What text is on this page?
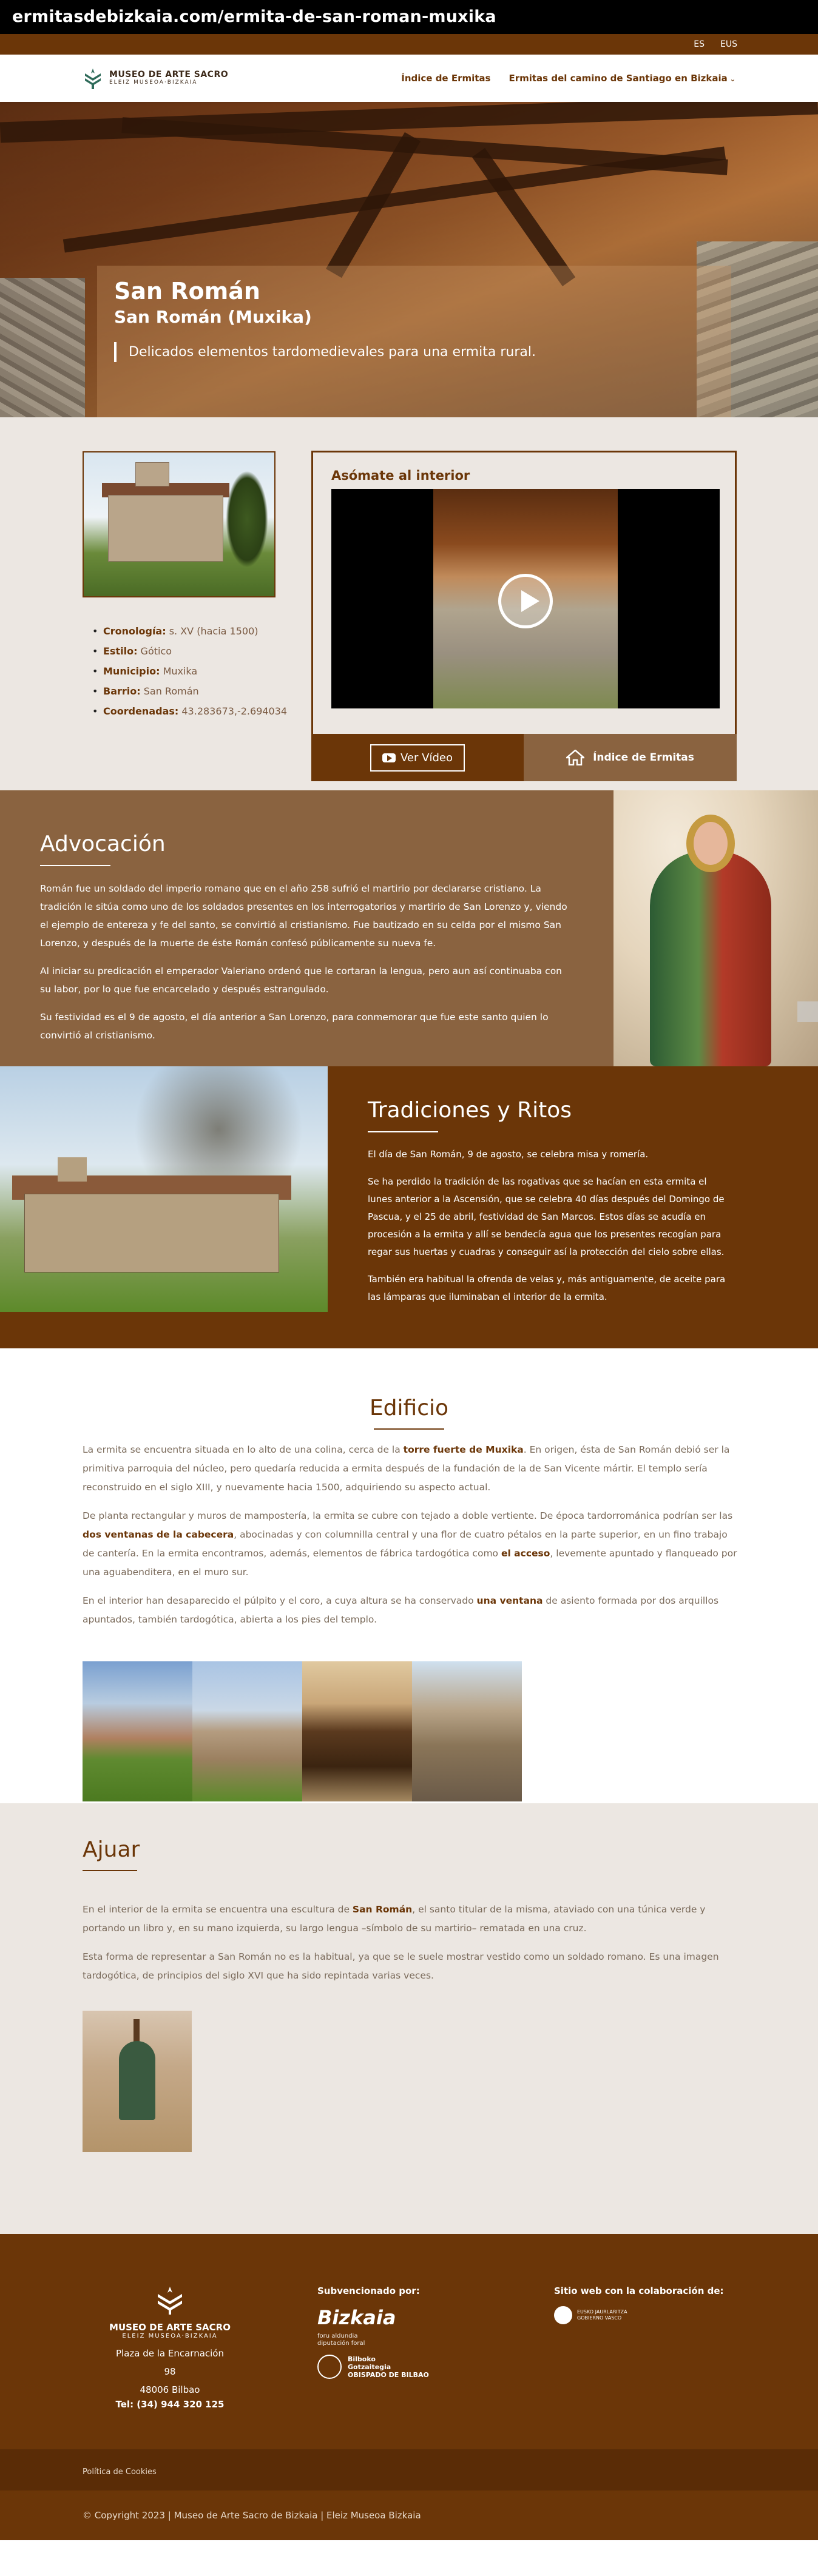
ermitasdebizkaia.com/ermita-de-san-roman-muxika
ES EUS
MUSEO DE ARTE SACRO
ELEIZ MUSEOA·BIZKAIA	Índice de Ermitas Ermitas del camino de Santiago en Bizkaia ⌄
San Román
San Román (Muxika)
Delicados elementos tardomedievales para una ermita rural.
• Cronología: s. XV (hacia 1500)
• Estilo: Gótico
• Municipio: Muxika
• Barrio: San Román
• Coordenadas: 43.283673,-2.694034
Asómate al interior
Ver Vídeo	Índice de Ermitas
Advocación

Román fue un soldado del imperio romano que en el año 258 sufrió el martirio por declararse cristiano. La tradición le sitúa como uno de los soldados presentes en los interrogatorios y martirio de San Lorenzo y, viendo el ejemplo de entereza y fe del santo, se convirtió al cristianismo. Fue bautizado en su celda por el mismo San Lorenzo, y después de la muerte de éste Román confesó públicamente su nueva fe.

Al iniciar su predicación el emperador Valeriano ordenó que le cortaran la lengua, pero aun así continuaba con su labor, por lo que fue encarcelado y después estrangulado.

Su festividad es el 9 de agosto, el día anterior a San Lorenzo, para conmemorar que fue este santo quien lo convirtió al cristianismo.

Tradiciones y Ritos

El día de San Román, 9 de agosto, se celebra misa y romería.

Se ha perdido la tradición de las rogativas que se hacían en esta ermita el lunes anterior a la Ascensión, que se celebra 40 días después del Domingo de Pascua, y el 25 de abril, festividad de San Marcos. Estos días se acudía en procesión a la ermita y allí se bendecía agua que los presentes recogían para regar sus huertas y cuadras y conseguir así la protección del cielo sobre ellas.

También era habitual la ofrenda de velas y, más antiguamente, de aceite para las lámparas que iluminaban el interior de la ermita.

Edificio

La ermita se encuentra situada en lo alto de una colina, cerca de la torre fuerte de Muxika. En origen, ésta de San Román debió ser la primitiva parroquia del núcleo, pero quedaría reducida a ermita después de la fundación de la de San Vicente mártir. El templo sería reconstruido en el siglo XIII, y nuevamente hacia 1500, adquiriendo su aspecto actual.

De planta rectangular y muros de mampostería, la ermita se cubre con tejado a doble vertiente. De época tardorrománica podrían ser las dos ventanas de la cabecera, abocinadas y con columnilla central y una flor de cuatro pétalos en la parte superior, en un fino trabajo de cantería. En la ermita encontramos, además, elementos de fábrica tardogótica como el acceso, levemente apuntado y flanqueado por una aguabenditera, en el muro sur.

En el interior han desaparecido el púlpito y el coro, a cuya altura se ha conservado una ventana de asiento formada por dos arquillos apuntados, también tardogótica, abierta a los pies del templo.

Ajuar

En el interior de la ermita se encuentra una escultura de San Román, el santo titular de la misma, ataviado con una túnica verde y portando un libro y, en su mano izquierda, su largo lengua –símbolo de su martirio– rematada en una cruz.

Esta forma de representar a San Román no es la habitual, ya que se le suele mostrar vestido como un soldado romano. Es una imagen tardogótica, de principios del siglo XVI que ha sido repintada varias veces.

MUSEO DE ARTE SACRO
ELEIZ MUSEOA·BIZKAIA
Plaza de la Encarnación 98
48006 Bilbao
Tel: (34) 944 320 125
Subvencionado por:
Bizkaia
foru aldundia
diputación foral
Bilboko
Gotzaitegia
OBISPADO DE BILBAO
Sitio web con la colaboración de:
EUSKO JAURLARITZA
GOBIERNO VASCO
Política de Cookies
© Copyright 2023 | Museo de Arte Sacro de Bizkaia | Eleiz Museoa Bizkaia
